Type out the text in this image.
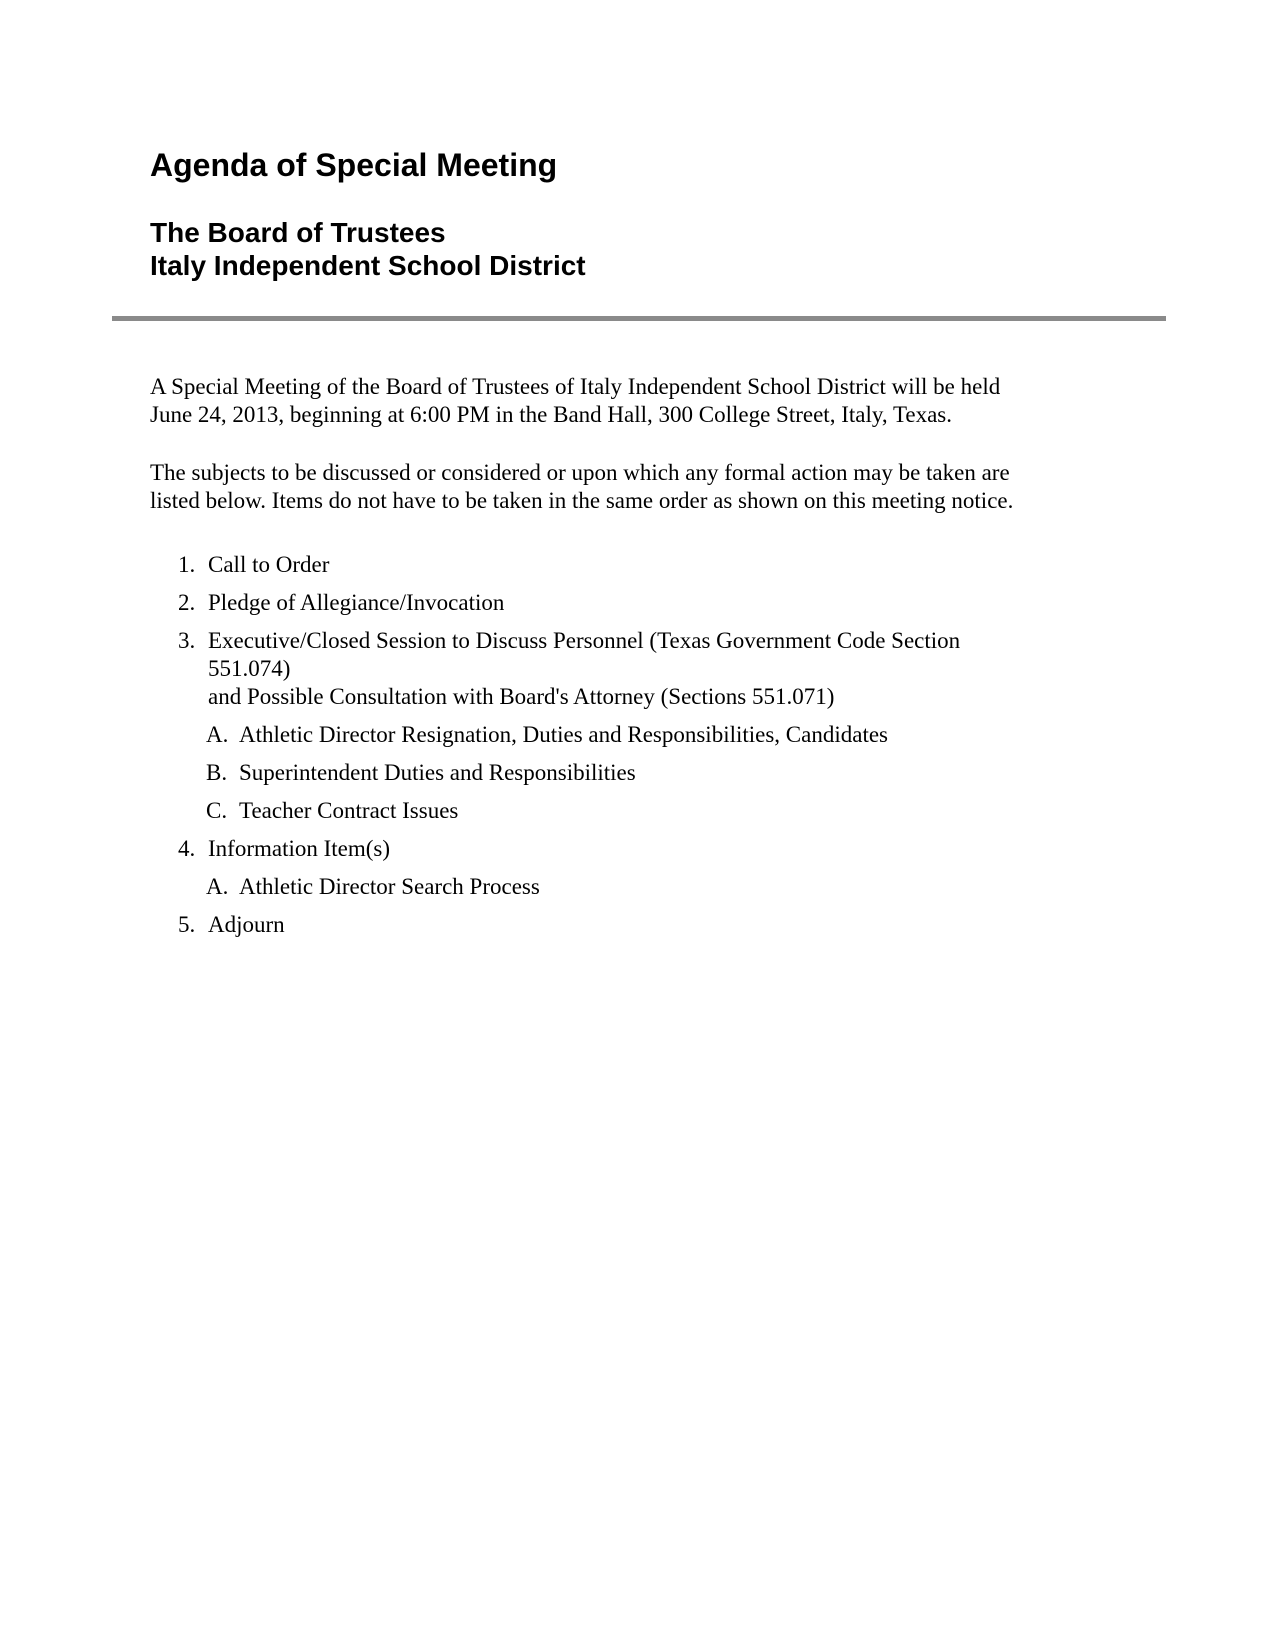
Agenda of Special Meeting
The Board of Trustees
Italy Independent School District
A Special Meeting of the Board of Trustees of Italy Independent School District will be held
June 24, 2013, beginning at 6:00 PM in the Band Hall, 300 College Street, Italy, Texas.
The subjects to be discussed or considered or upon which any formal action may be taken are
listed below. Items do not have to be taken in the same order as shown on this meeting notice.
1. Call to Order
2. Pledge of Allegiance/Invocation
3. Executive/Closed Session to Discuss Personnel (Texas Government Code Section
551.074)
and Possible Consultation with Board's Attorney (Sections 551.071)
A. Athletic Director Resignation, Duties and Responsibilities, Candidates
B. Superintendent Duties and Responsibilities
C. Teacher Contract Issues
4. Information Item(s)
A. Athletic Director Search Process
5. Adjourn
